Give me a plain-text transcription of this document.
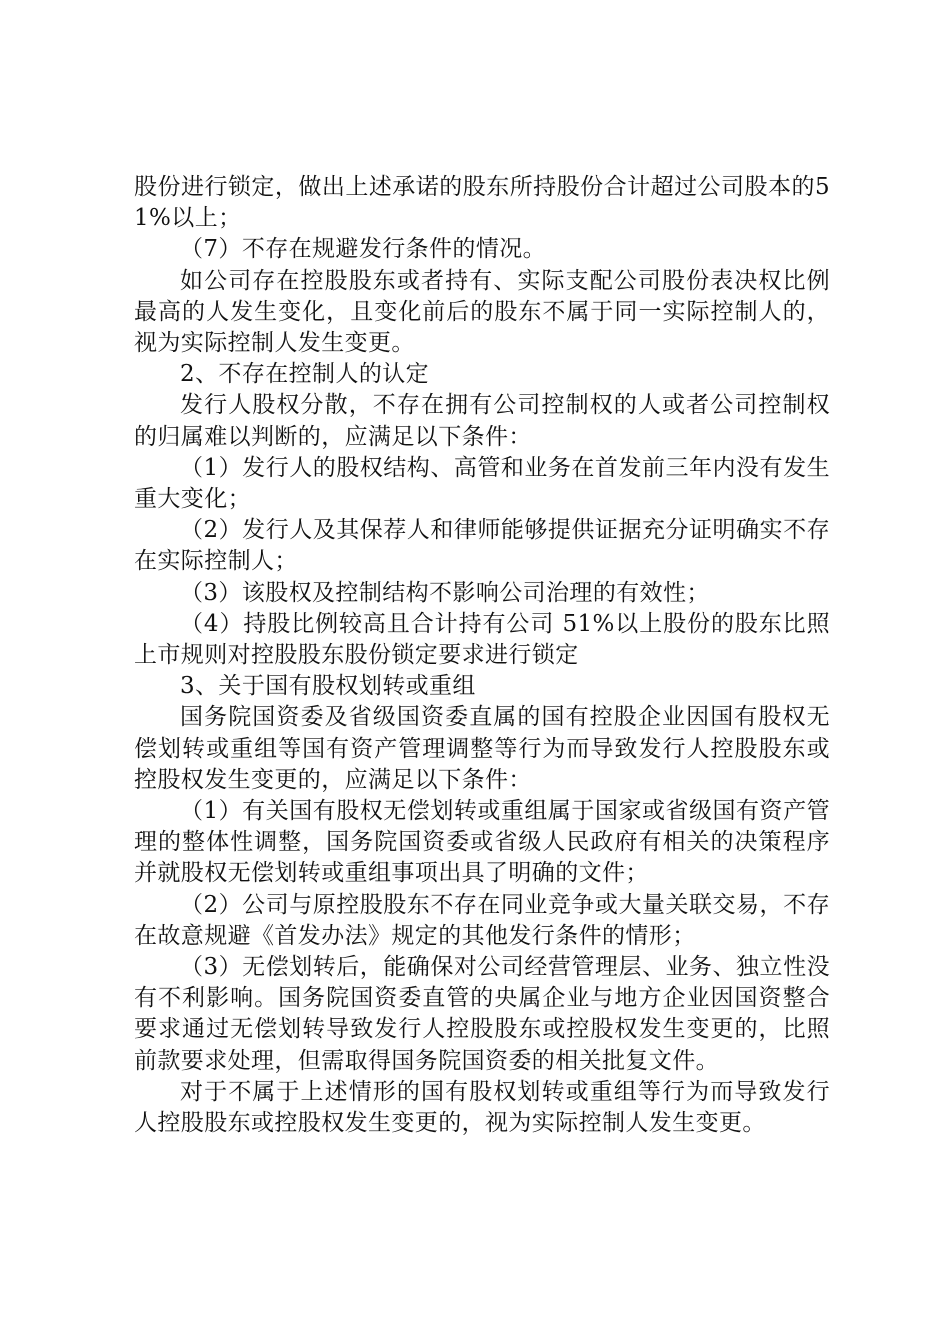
股份进行锁定，做出上述承诺的股东所持股份合计超过公司股本的51%以上；

（7）不存在规避发行条件的情况。

如公司存在控股股东或者持有、实际支配公司股份表决权比例最高的人发生变化，且变化前后的股东不属于同一实际控制人的，视为实际控制人发生变更。

2、不存在控制人的认定

发行人股权分散，不存在拥有公司控制权的人或者公司控制权的归属难以判断的，应满足以下条件：

（1）发行人的股权结构、高管和业务在首发前三年内没有发生重大变化；

（2）发行人及其保荐人和律师能够提供证据充分证明确实不存在实际控制人；

（3）该股权及控制结构不影响公司治理的有效性；

（4）持股比例较高且合计持有公司 51%以上股份的股东比照上市规则对控股股东股份锁定要求进行锁定

3、关于国有股权划转或重组

国务院国资委及省级国资委直属的国有控股企业因国有股权无偿划转或重组等国有资产管理调整等行为而导致发行人控股股东或控股权发生变更的，应满足以下条件：

（1）有关国有股权无偿划转或重组属于国家或省级国有资产管理的整体性调整，国务院国资委或省级人民政府有相关的决策程序并就股权无偿划转或重组事项出具了明确的文件；

（2）公司与原控股股东不存在同业竞争或大量关联交易，不存在故意规避《首发办法》规定的其他发行条件的情形；

（3）无偿划转后，能确保对公司经营管理层、业务、独立性没有不利影响。国务院国资委直管的央属企业与地方企业因国资整合要求通过无偿划转导致发行人控股股东或控股权发生变更的，比照前款要求处理，但需取得国务院国资委的相关批复文件。

对于不属于上述情形的国有股权划转或重组等行为而导致发行人控股股东或控股权发生变更的，视为实际控制人发生变更。
